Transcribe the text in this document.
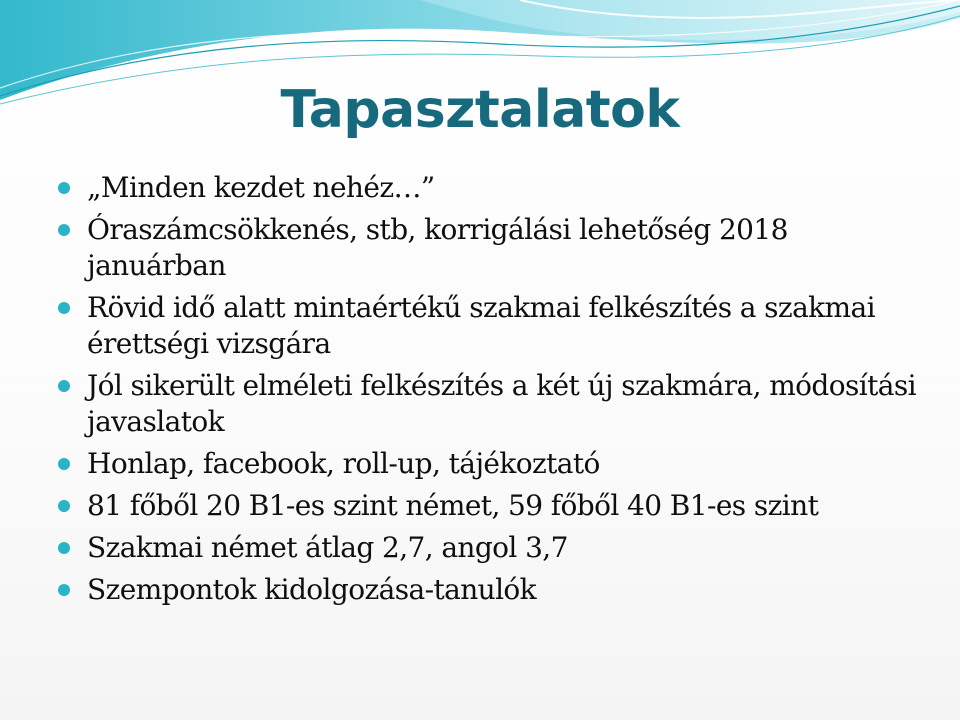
Tapasztalatok
„Minden kezdet nehéz…”
Óraszámcsökkenés, stb, korrigálási lehetőség 2018 januárban
Rövid idő alatt mintaértékű szakmai felkészítés a szakmai érettségi vizsgára
Jól sikerült elméleti felkészítés a két új szakmára, módosítási javaslatok
Honlap, facebook, roll-up, tájékoztató
81 főből 20 B1-es szint német, 59 főből 40 B1-es szint
Szakmai német átlag 2,7, angol 3,7
Szempontok kidolgozása-tanulók
